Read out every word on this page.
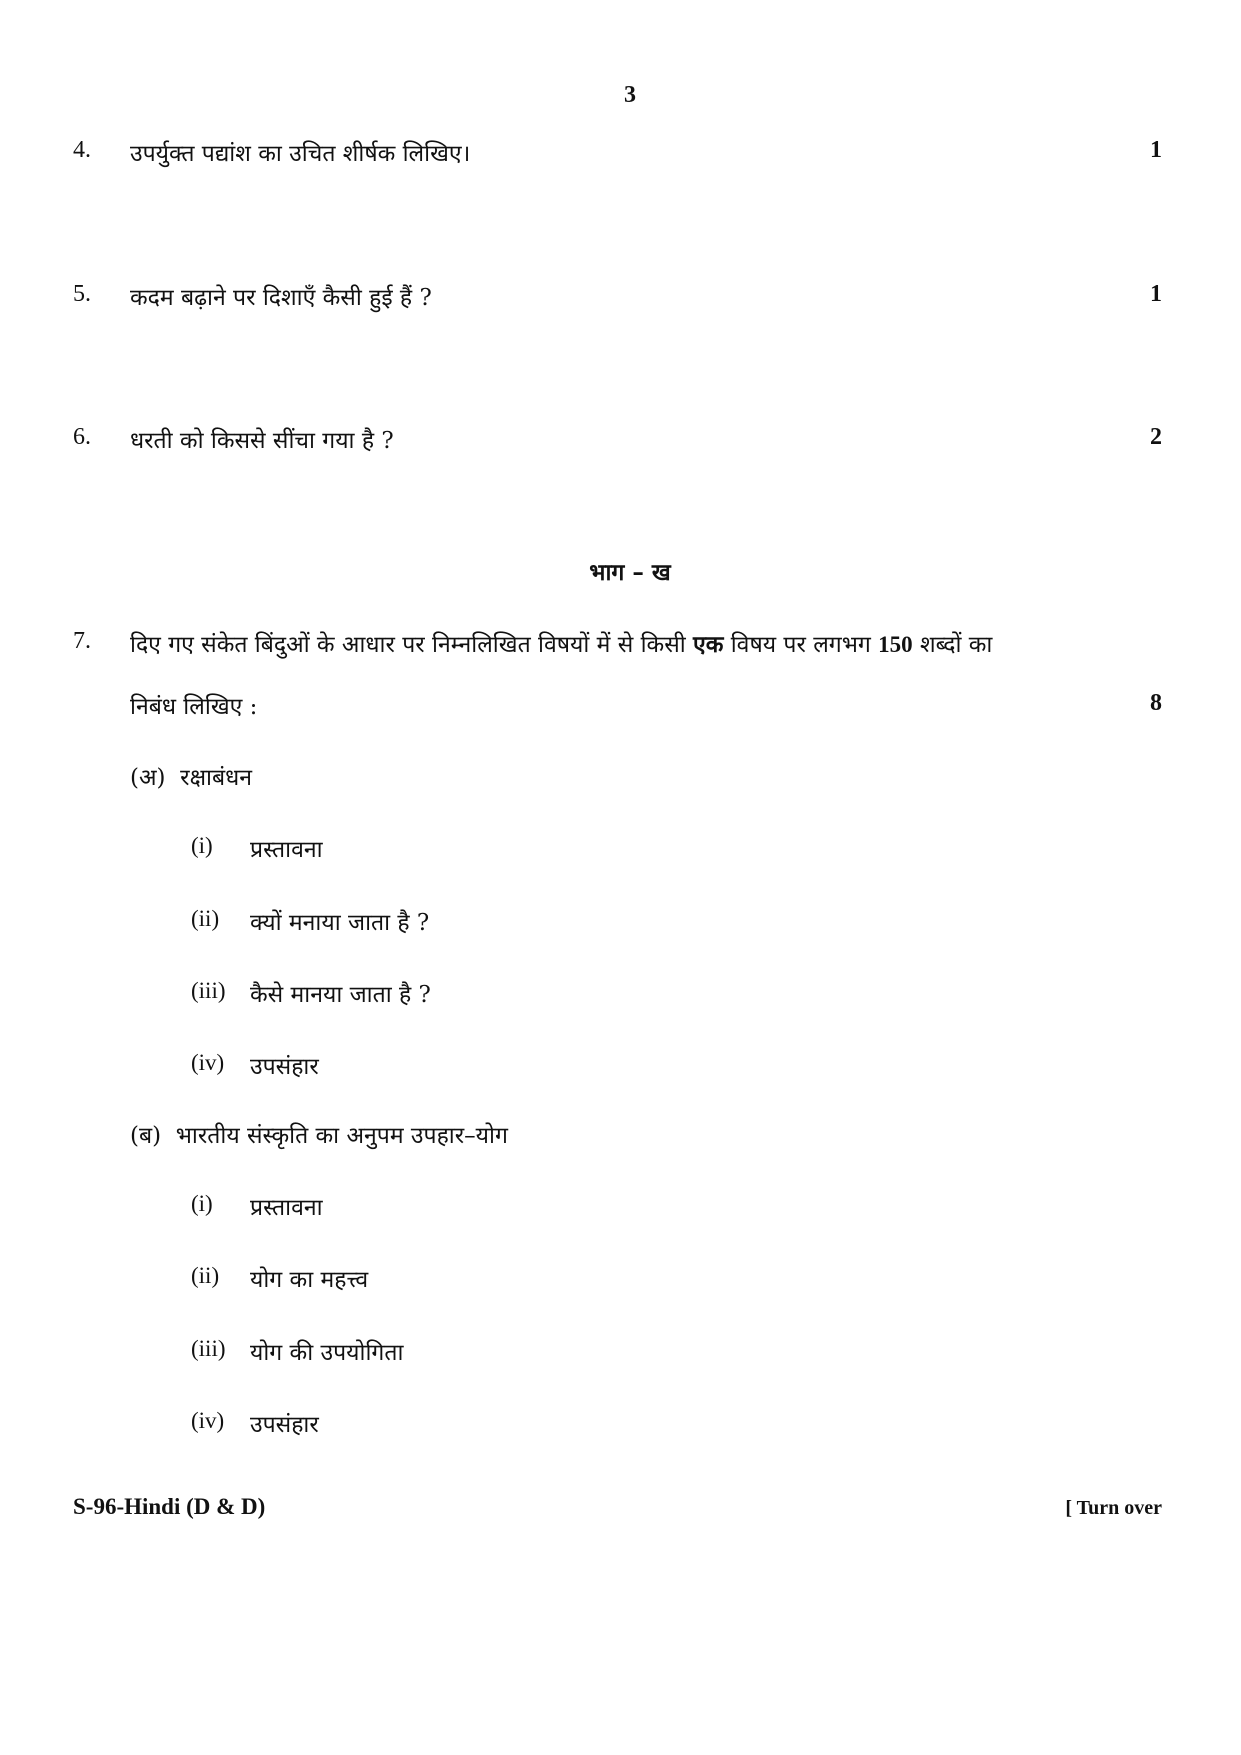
3
4. उपर्युक्त पद्यांश का उचित शीर्षक लिखिए।	1
5. कदम बढ़ाने पर दिशाएँ कैसी हुई हैं ?	1
6. धरती को किससे सींचा गया है ?	2
भाग – ख
7. दिए गए संकेत बिंदुओं के आधार पर निम्नलिखित विषयों में से किसी एक विषय पर लगभग 150 शब्दों का
निबंध लिखिए :	8
(अ) रक्षाबंधन
(i) प्रस्तावना
(ii) क्यों मनाया जाता है ?
(iii) कैसे मानया जाता है ?
(iv) उपसंहार
(ब) भारतीय संस्कृति का अनुपम उपहार–योग
(i) प्रस्तावना
(ii) योग का महत्त्व
(iii) योग की उपयोगिता
(iv) उपसंहार
S-96-Hindi (D & D)	[ Turn over
